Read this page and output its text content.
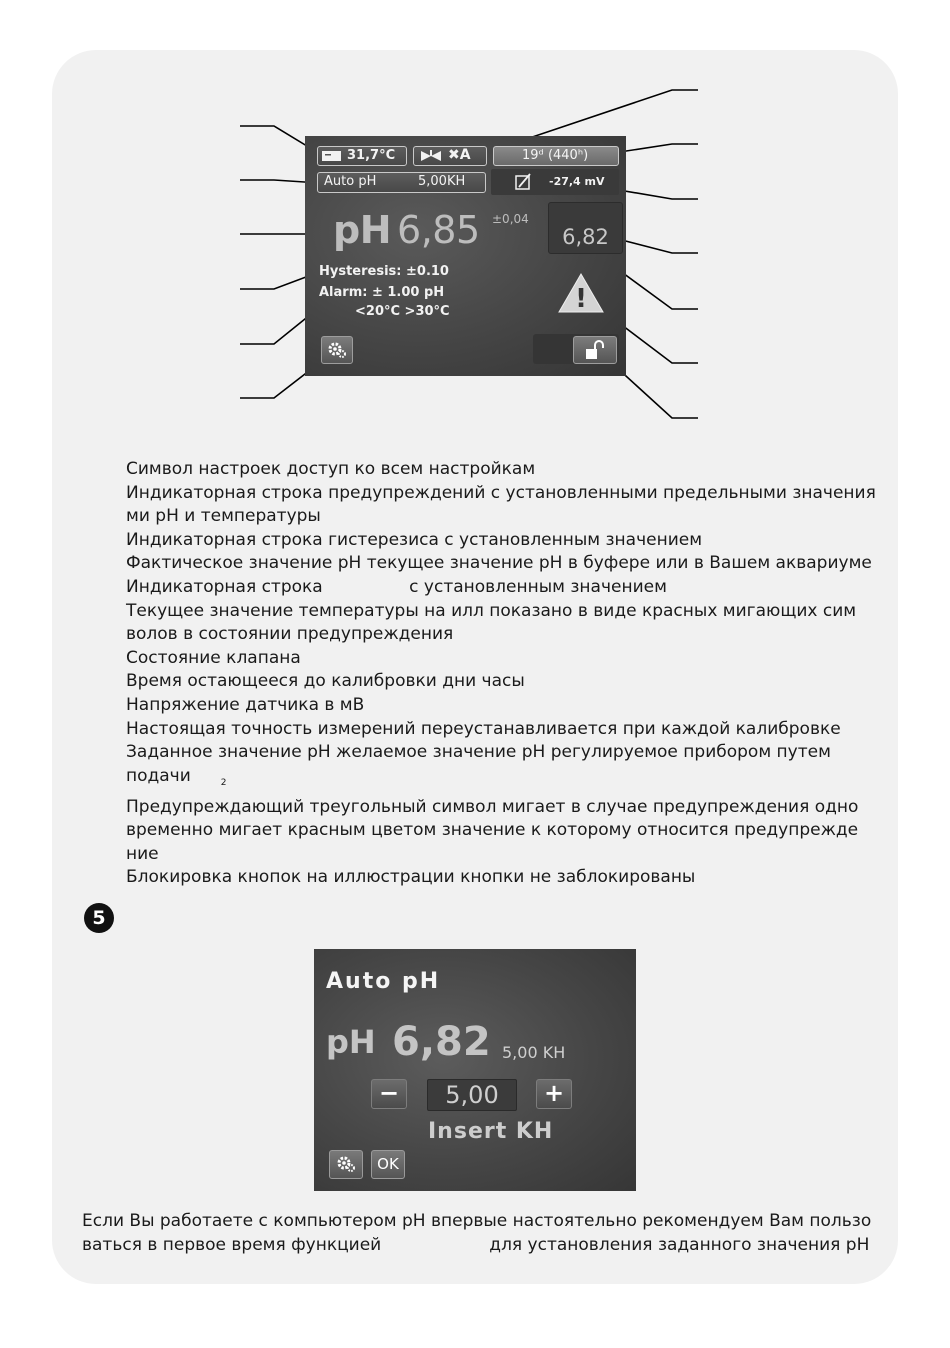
31,7°C	✖A	19ᵈ (440ʰ)
Auto pH	5,00KH	-27,4 mV
pH 6,85 ±0,04
6,82
Hysteresis: ±0.10
Alarm: ± 1.00 pH
<20°C >30°C	!
Символ настроек доступ ко всем настройкам
Индикаторная строка предупреждений с установленными предельными значения
ми pH и температуры
Индикаторная строка гистерезиса с установленным значением
Фактическое значение pH текущее значение pH в буфере или в Вашем аквариуме
Индикаторная строка                с установленным значением
Текущее значение температуры на илл показано в виде красных мигающих сим
волов в состоянии предупреждения
Состояние клапана
Время остающееся до калибровки дни часы
Напряжение датчика в мВ
Настоящая точность измерений переустанавливается при каждой калибровке
Заданное значение pH желаемое значение pH регулируемое прибором путем
подачи	$_2$
Предупреждающий треугольный символ мигает в случае предупреждения одно
временно мигает красным цветом значение к которому относится предупрежде
ние
Блокировка кнопок на иллюстрации кнопки не заблокированы
5
Auto pH
pH 6,82 5,00 KH
−	5,00	+
Insert KH
OK
Если Вы работаете с компьютером pH впервые настоятельно рекомендуем Вам пользо
ваться в первое время функцией                    для установления заданного значения pH
